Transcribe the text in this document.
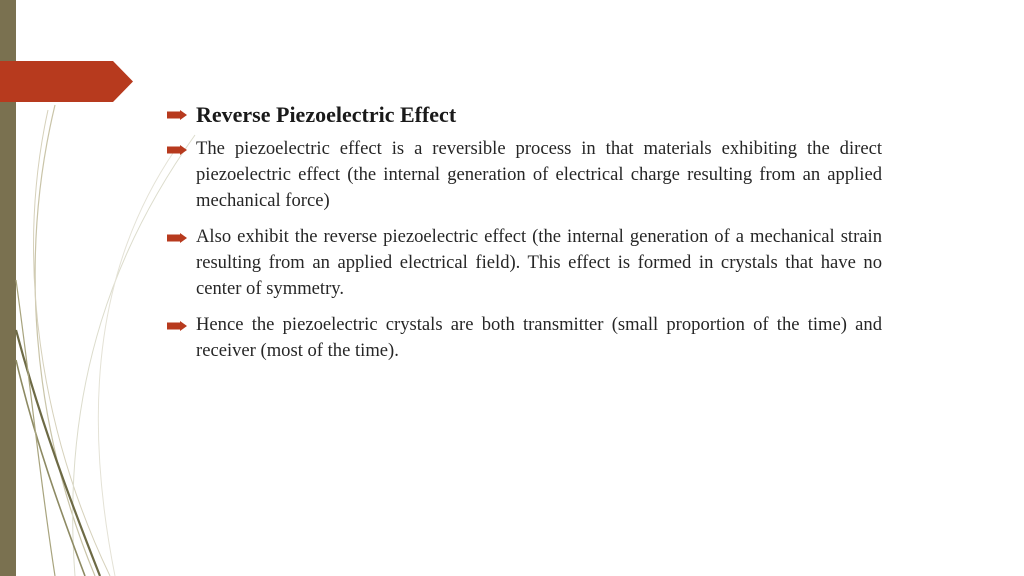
Reverse Piezoelectric Effect
The piezoelectric effect is a reversible process in that materials exhibiting the direct piezoelectric effect (the internal generation of electrical charge resulting from an applied mechanical force)
Also exhibit the reverse piezoelectric effect (the internal generation of a mechanical strain resulting from an applied electrical field). This effect is formed in crystals that have no center of symmetry.
Hence the piezoelectric crystals are both transmitter (small proportion of the time) and receiver (most of the time).
